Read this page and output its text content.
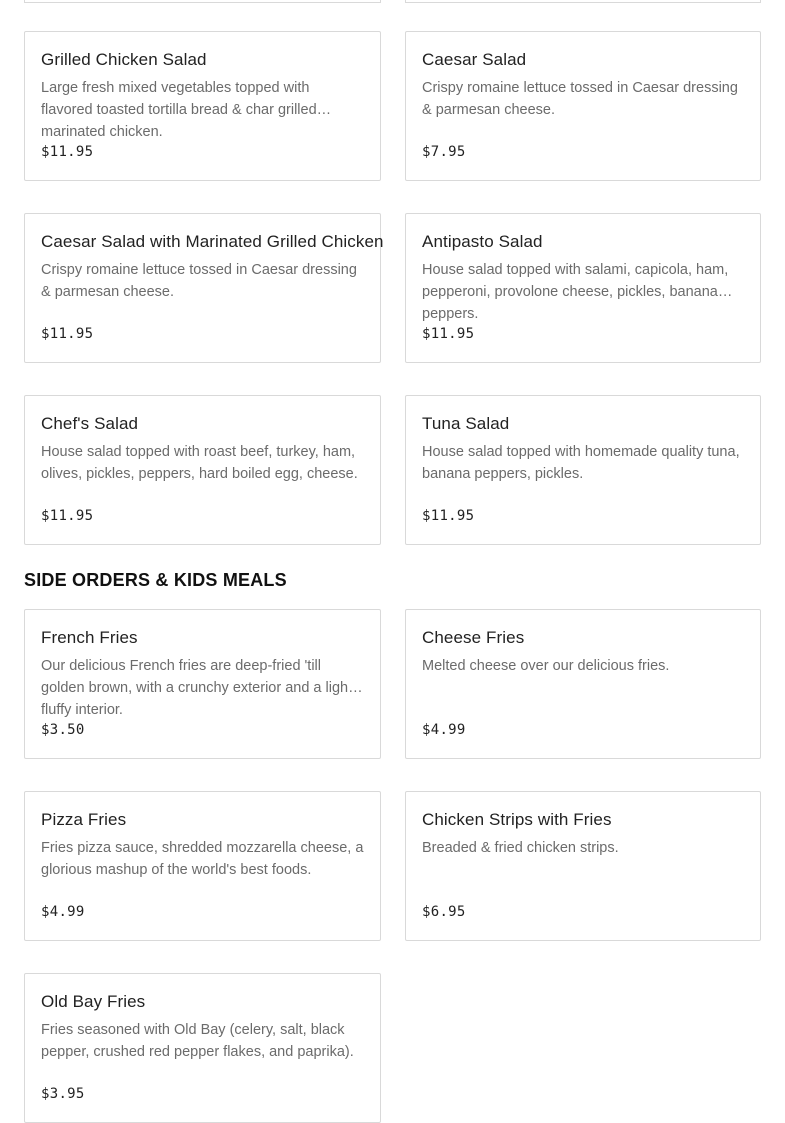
Grilled Chicken Salad
Large fresh mixed vegetables topped with flavored toasted tortilla bread & char grilled marinated chicken.
$11.95
Caesar Salad
Crispy romaine lettuce tossed in Caesar dressing & parmesan cheese.
$7.95
Caesar Salad with Marinated Grilled Chicken
Crispy romaine lettuce tossed in Caesar dressing & parmesan cheese.
$11.95
Antipasto Salad
House salad topped with salami, capicola, ham, pepperoni, provolone cheese, pickles, banana peppers.
$11.95
Chef's Salad
House salad topped with roast beef, turkey, ham, olives, pickles, peppers, hard boiled egg, cheese.
$11.95
Tuna Salad
House salad topped with homemade quality tuna, banana peppers, pickles.
$11.95
French Fries
Our delicious French fries are deep-fried 'till golden brown, with a crunchy exterior and a light fluffy interior.
$3.50
Cheese Fries
Melted cheese over our delicious fries.
$4.99
Pizza Fries
Fries pizza sauce, shredded mozzarella cheese, a glorious mashup of the world's best foods.
$4.99
Chicken Strips with Fries
Breaded & fried chicken strips.
$6.95
Old Bay Fries
Fries seasoned with Old Bay (celery, salt, black pepper, crushed red pepper flakes, and paprika).
$3.95
SIDE ORDERS & KIDS MEALS
